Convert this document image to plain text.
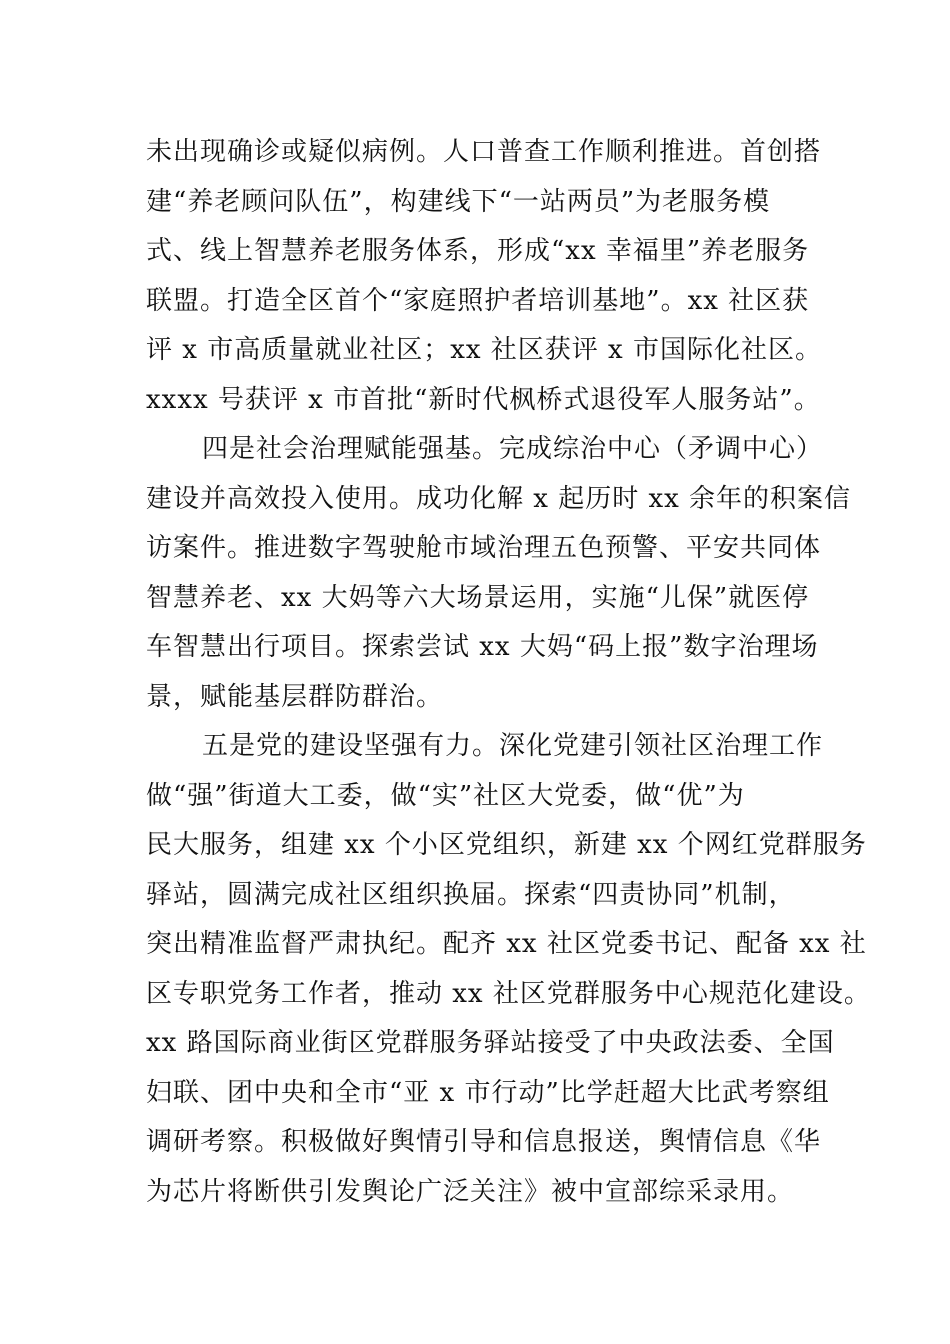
未出现确诊或疑似病例。人口普查工作顺利推进。首创搭
建“养老顾问队伍”，构建线下“一站两员”为老服务模
式、线上智慧养老服务体系，形成“xx 幸福里”养老服务
联盟。打造全区首个“家庭照护者培训基地”。xx 社区获
评 x 市高质量就业社区；xx 社区获评 x 市国际化社区。
xxxx 号获评 x 市首批“新时代枫桥式退役军人服务站”。
四是社会治理赋能强基。完成综治中心（矛调中心）
建设并高效投入使用。成功化解 x 起历时 xx 余年的积案信
访案件。推进数字驾驶舱市域治理五色预警、平安共同体
智慧养老、xx 大妈等六大场景运用，实施“儿保”就医停
车智慧出行项目。探索尝试 xx 大妈“码上报”数字治理场
景，赋能基层群防群治。
五是党的建设坚强有力。深化党建引领社区治理工作
做“强”街道大工委，做“实”社区大党委，做“优”为
民大服务，组建 xx 个小区党组织，新建 xx 个网红党群服务
驿站，圆满完成社区组织换届。探索“四责协同”机制，
突出精准监督严肃执纪。配齐 xx 社区党委书记、配备 xx 社
区专职党务工作者，推动 xx 社区党群服务中心规范化建设。
xx 路国际商业街区党群服务驿站接受了中央政法委、全国
妇联、团中央和全市“亚 x 市行动”比学赶超大比武考察组
调研考察。积极做好舆情引导和信息报送，舆情信息《华
为芯片将断供引发舆论广泛关注》被中宣部综采录用。
